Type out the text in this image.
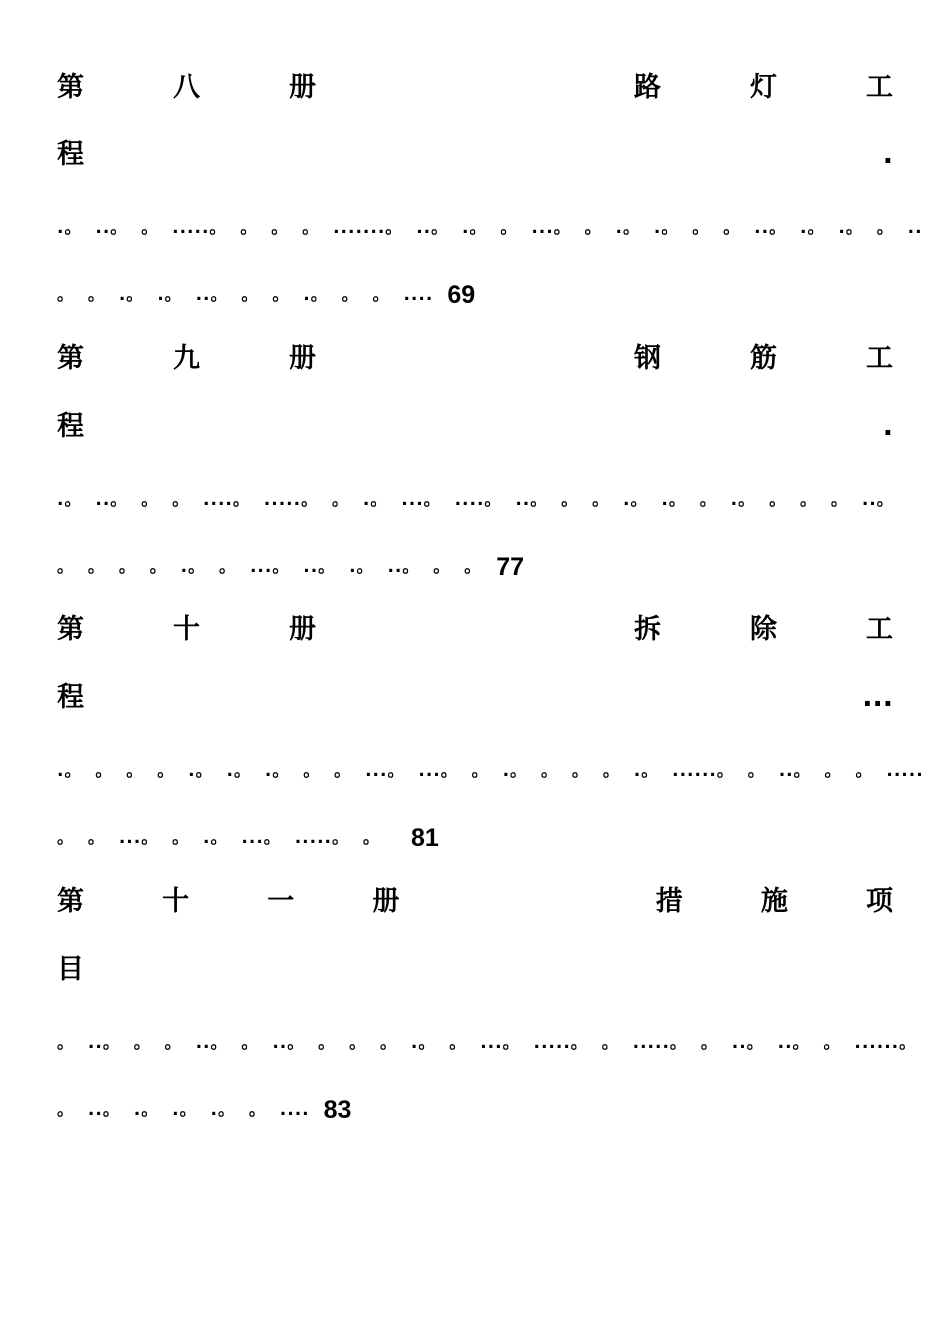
第	八	册	路	灯	工
程	.
.。 ..。 。 .....。 。 。 。 .......。 ..。 .。 。 ...。 。 .。 .。 。 。 ..。 .。 .。 。 ..
。 。 .。 .。 ..。 。 。 .。 。 。 .... 69
第	九	册	钢	筋	工
程	.
.。 ..。 。 。 ....。 .....。 。 .。 ...。 ....。 ..。 。 。 .。 .。 。 .。 。 。 。 ..。
。 。 。 。 .。 。 ...。 ..。 .。 ..。 。 。 77
第	十	册	拆	除	工
程	...
.。 。 。 。 .。 .。 .。 。 。 ...。 ...。 。 .。 。 。 。 .。 ......。 。 ..。 。 。 .....
。 。 ...。 。 .。 ...。 .....。 。 81
第	十	一	册	措	施	项
目
。 ..。 。 。 ..。 。 ..。 。 。 。 .。 。 ...。 .....。 。 .....。 。 ..。 ..。 。 ......。
。 ..。 .。 .。 .。 。 .... 83
